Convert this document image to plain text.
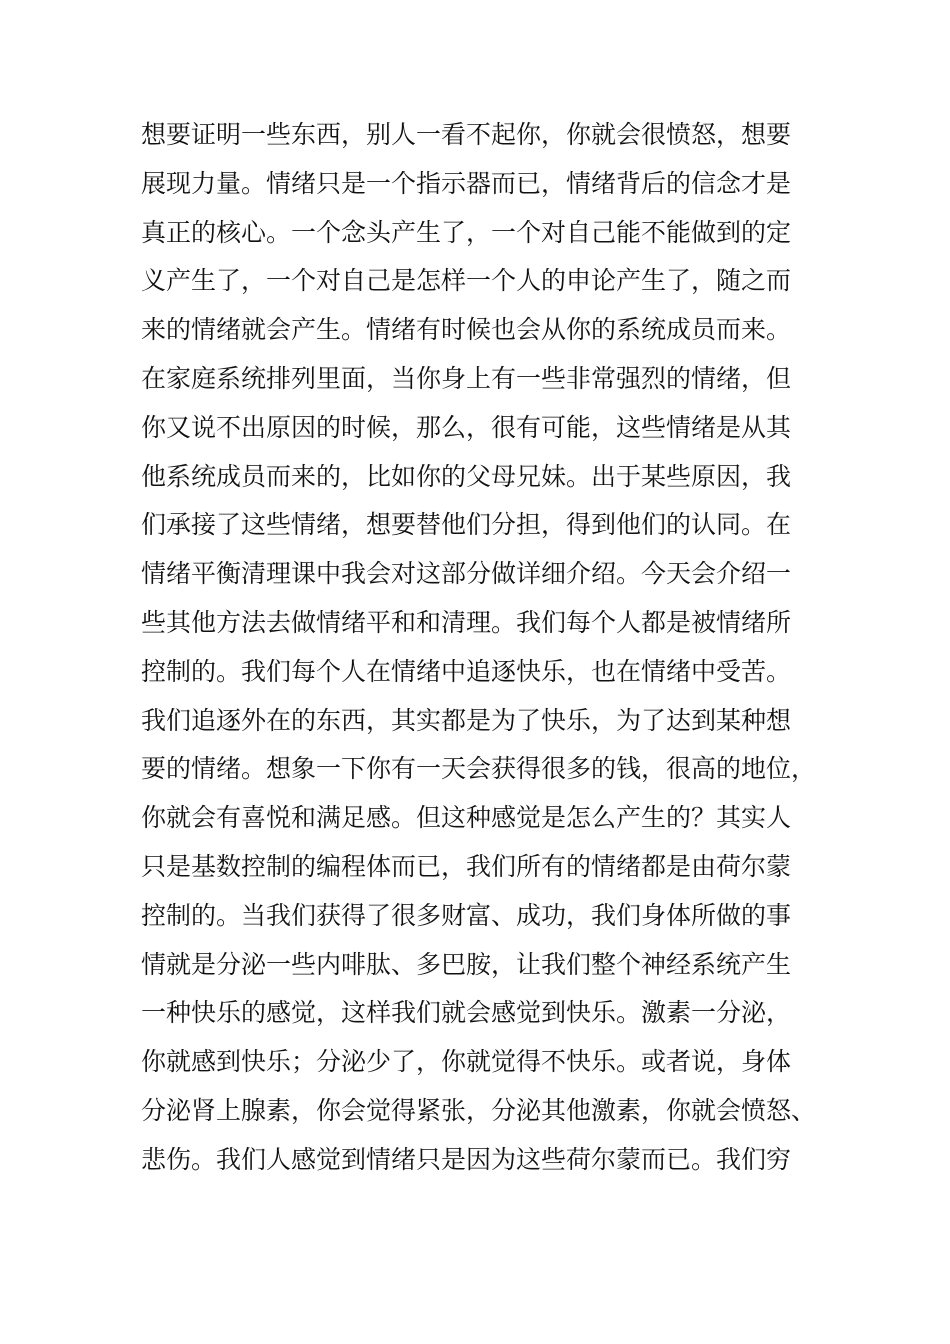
想要证明一些东西，别人一看不起你，你就会很愤怒，想要
展现力量。情绪只是一个指示器而已，情绪背后的信念才是
真正的核心。一个念头产生了，一个对自己能不能做到的定
义产生了，一个对自己是怎样一个人的申论产生了，随之而
来的情绪就会产生。情绪有时候也会从你的系统成员而来。
在家庭系统排列里面，当你身上有一些非常强烈的情绪，但
你又说不出原因的时候，那么，很有可能，这些情绪是从其
他系统成员而来的，比如你的父母兄妹。出于某些原因，我
们承接了这些情绪，想要替他们分担，得到他们的认同。在
情绪平衡清理课中我会对这部分做详细介绍。今天会介绍一
些其他方法去做情绪平和和清理。我们每个人都是被情绪所
控制的。我们每个人在情绪中追逐快乐，也在情绪中受苦。
我们追逐外在的东西，其实都是为了快乐，为了达到某种想
要的情绪。想象一下你有一天会获得很多的钱，很高的地位，
你就会有喜悦和满足感。但这种感觉是怎么产生的？其实人
只是基数控制的编程体而已，我们所有的情绪都是由荷尔蒙
控制的。当我们获得了很多财富、成功，我们身体所做的事
情就是分泌一些内啡肽、多巴胺，让我们整个神经系统产生
一种快乐的感觉，这样我们就会感觉到快乐。激素一分泌，
你就感到快乐；分泌少了，你就觉得不快乐。或者说，身体
分泌肾上腺素，你会觉得紧张，分泌其他激素，你就会愤怒、
悲伤。我们人感觉到情绪只是因为这些荷尔蒙而已。我们穷
